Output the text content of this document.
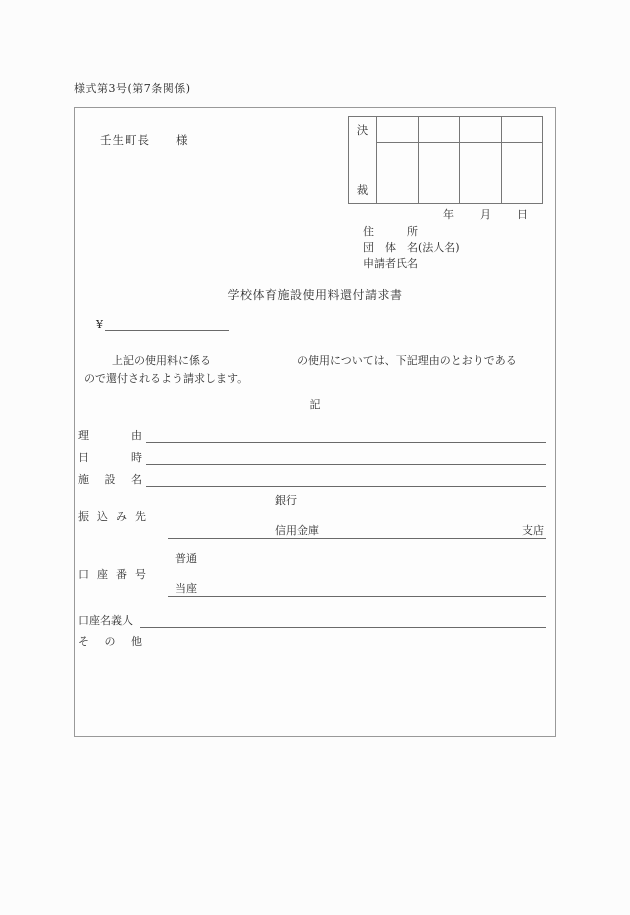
様式第3号(第7条関係)
壬生町長 様
決
裁
年 月 日
住　　　所
団　体　名(法人名)
申請者氏名
学校体育施設使用料還付請求書
¥
上記の使用料に係る	の使用については、下記理由のとおりである
ので還付されるよう請求します。
記
理　由
日　時
施　設　名
振込み先
銀行
信用金庫	支店
口座番号
普通
当座
口座名義人
その他
